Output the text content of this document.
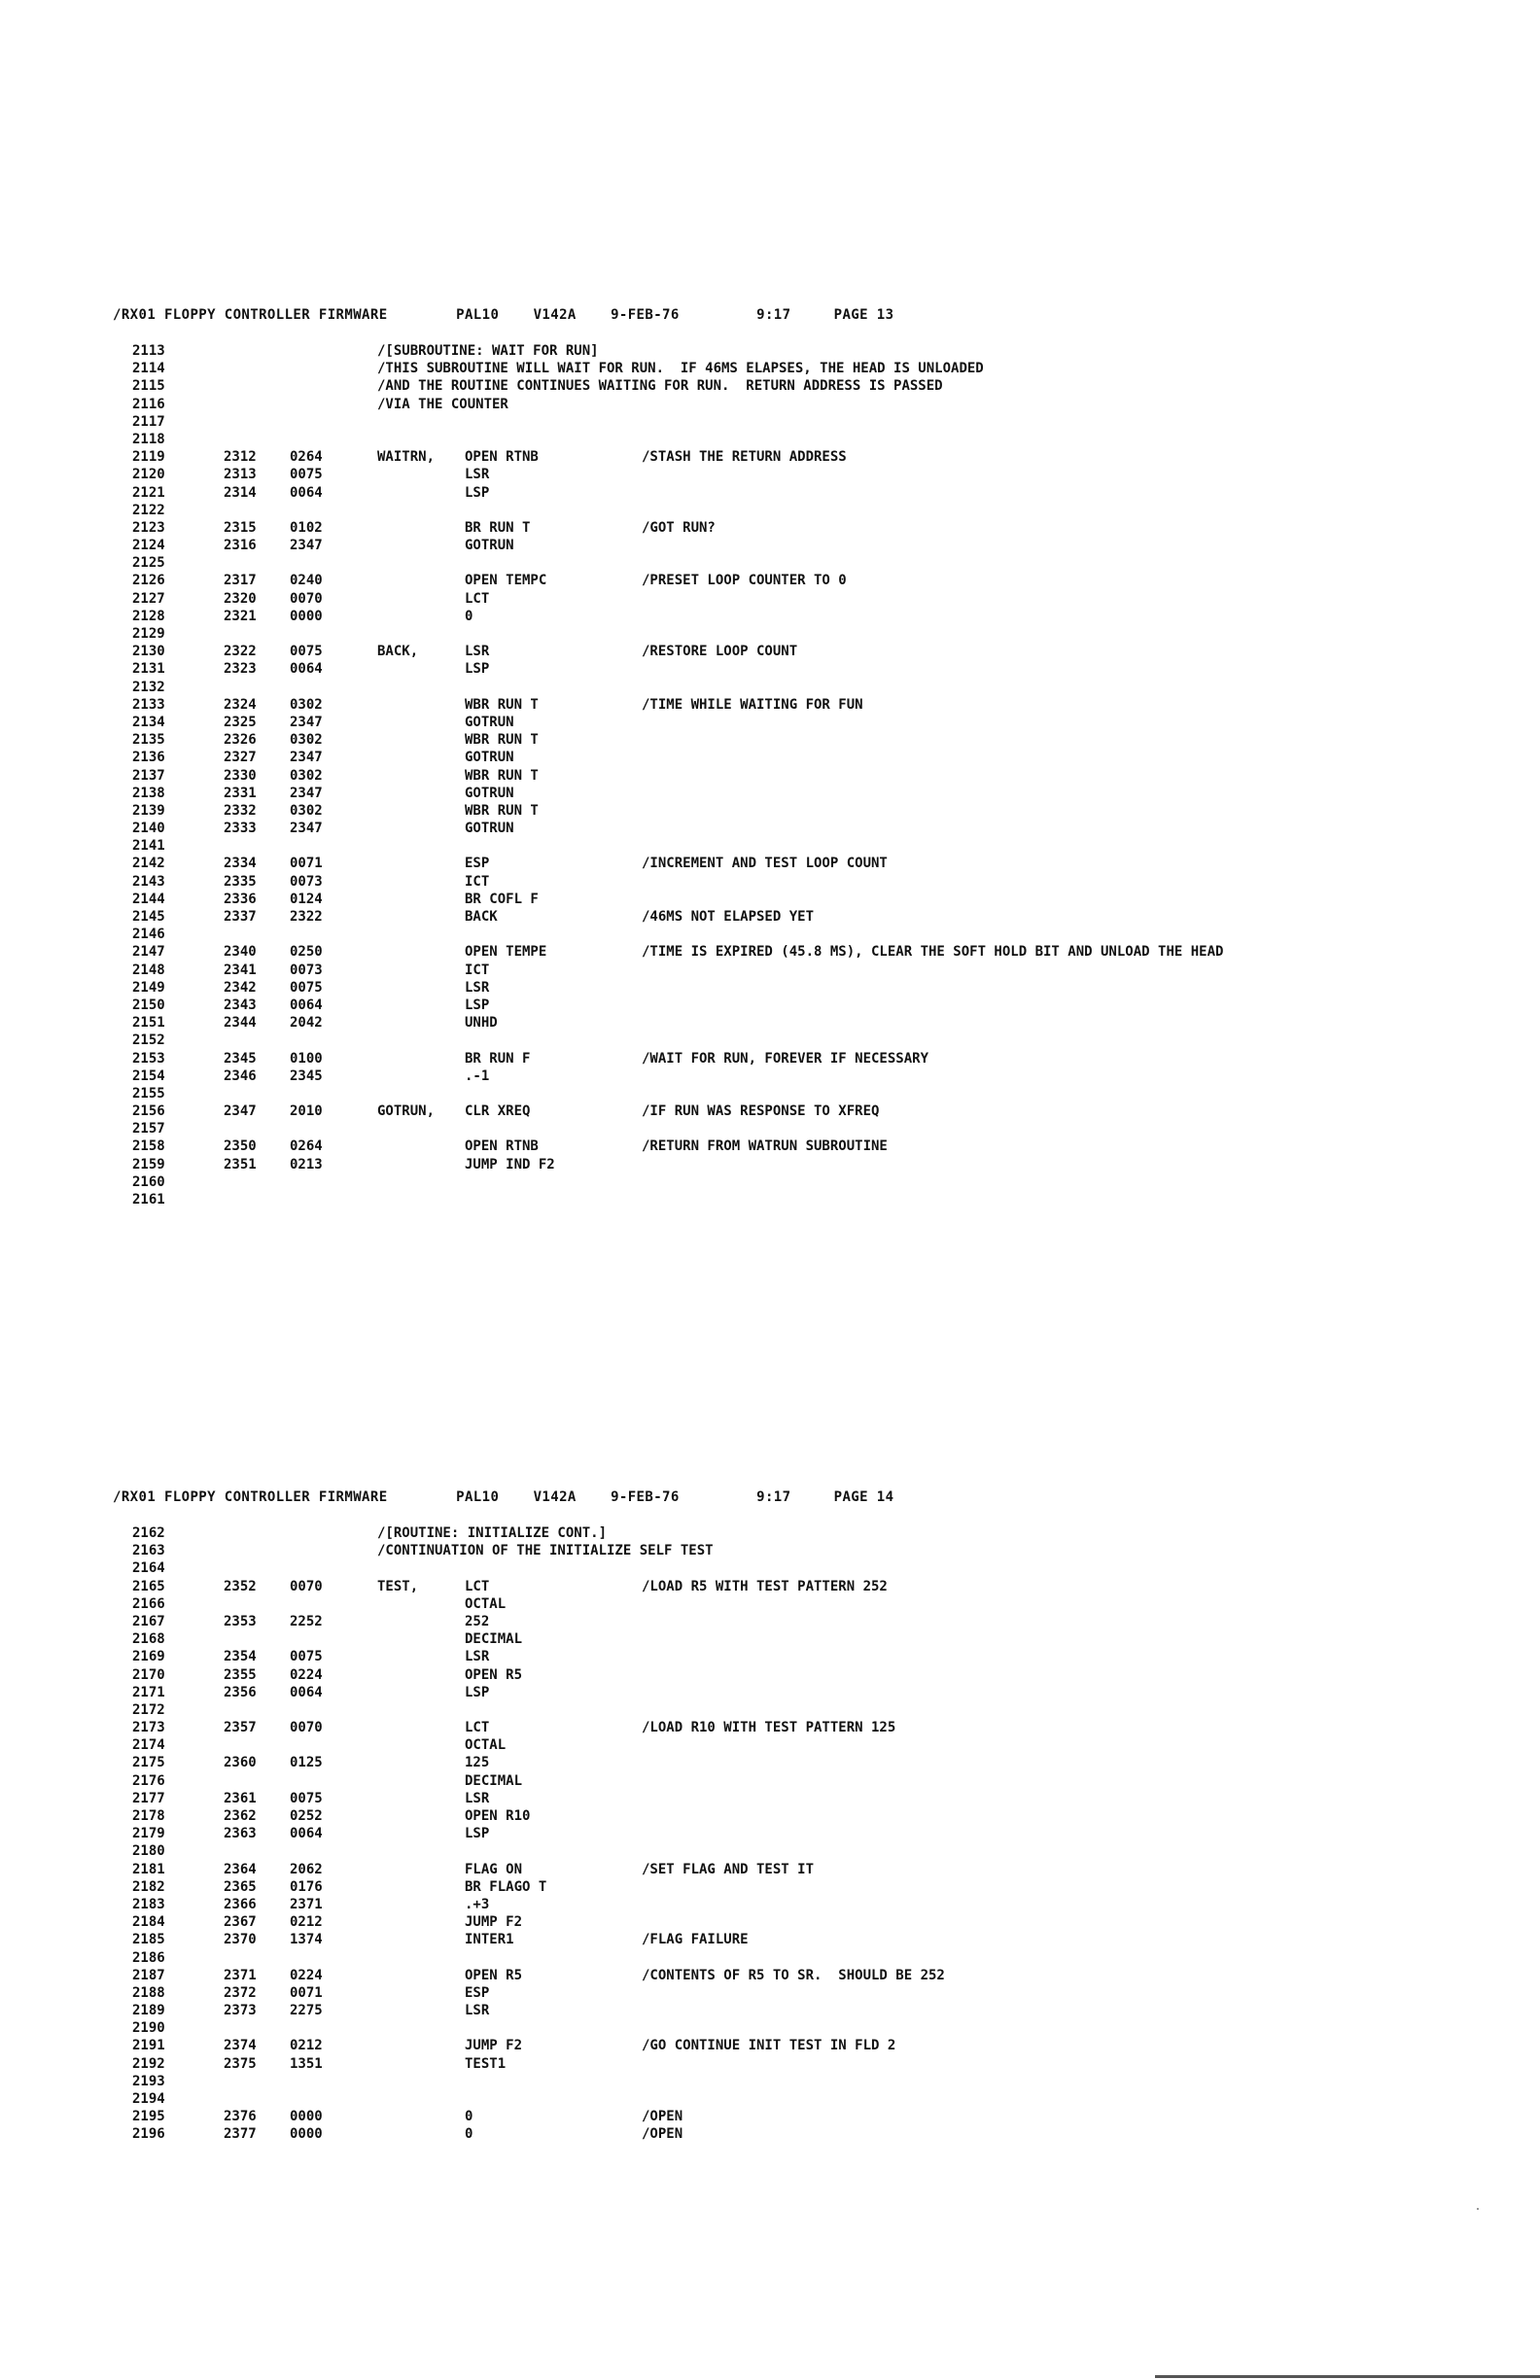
/RX01 FLOPPY CONTROLLER FIRMWARE        PAL10    V142A    9-FEB-76         9:17     PAGE 13
2113	/[SUBROUTINE: WAIT FOR RUN]
2114	/THIS SUBROUTINE WILL WAIT FOR RUN.  IF 46MS ELAPSES, THE HEAD IS UNLOADED
2115	/AND THE ROUTINE CONTINUES WAITING FOR RUN.  RETURN ADDRESS IS PASSED
2116	/VIA THE COUNTER
2117
2118
2119	2312 0264	WAITRN, OPEN RTNB	/STASH THE RETURN ADDRESS
2120	2313 0075	LSR
2121	2314 0064	LSP
2122
2123	2315 0102	BR RUN T	/GOT RUN?
2124	2316 2347	GOTRUN
2125
2126	2317 0240	OPEN TEMPC	/PRESET LOOP COUNTER TO 0
2127	2320 0070	LCT
2128	2321 0000	0
2129
2130	2322 0075	BACK,	LSR	/RESTORE LOOP COUNT
2131	2323 0064	LSP
2132
2133	2324 0302	WBR RUN T	/TIME WHILE WAITING FOR FUN
2134	2325 2347	GOTRUN
2135	2326 0302	WBR RUN T
2136	2327 2347	GOTRUN
2137	2330 0302	WBR RUN T
2138	2331 2347	GOTRUN
2139	2332 0302	WBR RUN T
2140	2333 2347	GOTRUN
2141
2142	2334 0071	ESP	/INCREMENT AND TEST LOOP COUNT
2143	2335 0073	ICT
2144	2336 0124	BR COFL F
2145	2337 2322	BACK	/46MS NOT ELAPSED YET
2146
2147	2340 0250	OPEN TEMPE	/TIME IS EXPIRED (45.8 MS), CLEAR THE SOFT HOLD BIT AND UNLOAD THE HEAD
2148	2341 0073	ICT
2149	2342 0075	LSR
2150	2343 0064	LSP
2151	2344 2042	UNHD
2152
2153	2345 0100	BR RUN F	/WAIT FOR RUN, FOREVER IF NECESSARY
2154	2346 2345	.-1
2155
2156	2347 2010	GOTRUN, CLR XREQ	/IF RUN WAS RESPONSE TO XFREQ
2157
2158	2350 0264	OPEN RTNB	/RETURN FROM WATRUN SUBROUTINE
2159	2351 0213	JUMP IND F2
2160
2161
/RX01 FLOPPY CONTROLLER FIRMWARE        PAL10    V142A    9-FEB-76         9:17     PAGE 14
2162	/[ROUTINE: INITIALIZE CONT.]
2163	/CONTINUATION OF THE INITIALIZE SELF TEST
2164
2165	2352 0070	TEST,	LCT	/LOAD R5 WITH TEST PATTERN 252
2166	OCTAL
2167	2353 2252	252
2168	DECIMAL
2169	2354 0075	LSR
2170	2355 0224	OPEN R5
2171	2356 0064	LSP
2172
2173	2357 0070	LCT	/LOAD R10 WITH TEST PATTERN 125
2174	OCTAL
2175	2360 0125	125
2176	DECIMAL
2177	2361 0075	LSR
2178	2362 0252	OPEN R10
2179	2363 0064	LSP
2180
2181	2364 2062	FLAG ON	/SET FLAG AND TEST IT
2182	2365 0176	BR FLAGO T
2183	2366 2371	.+3
2184	2367 0212	JUMP F2
2185	2370 1374	INTER1	/FLAG FAILURE
2186
2187	2371 0224	OPEN R5	/CONTENTS OF R5 TO SR.  SHOULD BE 252
2188	2372 0071	ESP
2189	2373 2275	LSR
2190
2191	2374 0212	JUMP F2	/GO CONTINUE INIT TEST IN FLD 2
2192	2375 1351	TEST1
2193
2194
2195	2376 0000	0	/OPEN
2196	2377 0000	0	/OPEN
